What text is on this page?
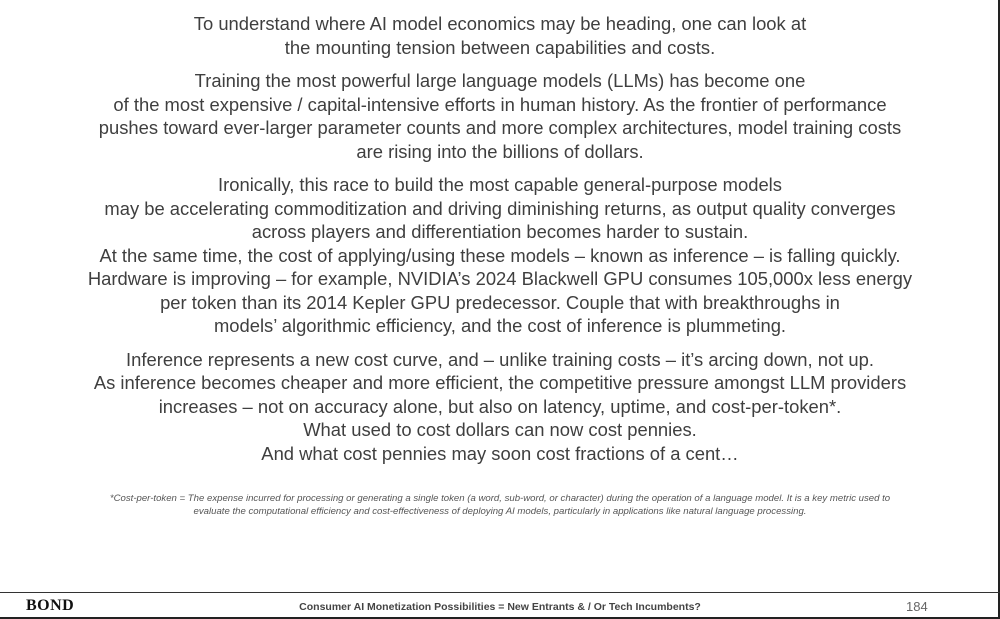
To understand where AI model economics may be heading, one can look at
the mounting tension between capabilities and costs.
Training the most powerful large language models (LLMs) has become one
of the most expensive / capital-intensive efforts in human history. As the frontier of performance
pushes toward ever-larger parameter counts and more complex architectures, model training costs
are rising into the billions of dollars.
Ironically, this race to build the most capable general-purpose models
may be accelerating commoditization and driving diminishing returns, as output quality converges
across players and differentiation becomes harder to sustain.
At the same time, the cost of applying/using these models – known as inference – is falling quickly.
Hardware is improving – for example, NVIDIA’s 2024 Blackwell GPU consumes 105,000x less energy
per token than its 2014 Kepler GPU predecessor. Couple that with breakthroughs in
models’ algorithmic efficiency, and the cost of inference is plummeting.
Inference represents a new cost curve, and – unlike training costs – it’s arcing down, not up.
As inference becomes cheaper and more efficient, the competitive pressure amongst LLM providers
increases – not on accuracy alone, but also on latency, uptime, and cost-per-token*.
What used to cost dollars can now cost pennies.
And what cost pennies may soon cost fractions of a cent…
*Cost-per-token = The expense incurred for processing or generating a single token (a word, sub-word, or character) during the operation of a language model. It is a key metric used to
evaluate the computational efficiency and cost-effectiveness of deploying AI models, particularly in applications like natural language processing.
BOND	Consumer AI Monetization Possibilities = New Entrants & / Or Tech Incumbents?	184
